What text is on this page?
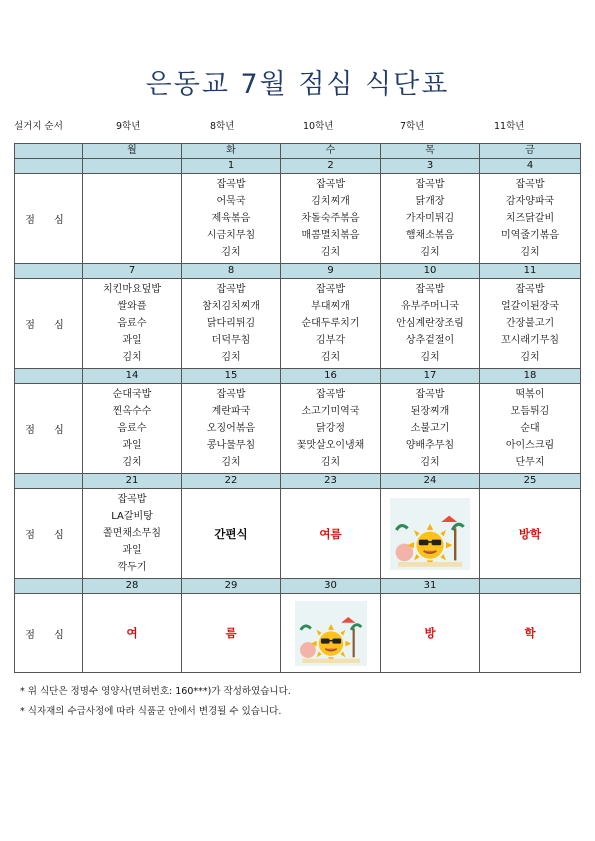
은동교 7월 점심 식단표
설거지 순서	9학년	8학년	10학년	7학년	11학년
	월	화	수	목	금
		1	2	3	4
점 심		잡곡밥
어묵국
제육볶음
시금치무침
김치	잡곡밥
김치찌개
차돌숙주볶음
매콤멸치볶음
김치	잡곡밥
닭개장
가자미튀김
햄채소볶음
김치	잡곡밥
감자양파국
치즈닭갈비
미역줄기볶음
김치

	7	8	9	10	11
점 심	치킨마요덮밥
쌀와플
음료수
과일
김치	잡곡밥
참치김치찌개
닭다리튀김
더덕무침
김치	잡곡밥
부대찌개
순대두루치기
김부각
김치	잡곡밥
유부주머니국
안심계란장조림
상추겉절이
김치	잡곡밥
얼갈이된장국
간장불고기
꼬시래기무침
김치

	14	15	16	17	18
점 심	순대국밥
찐옥수수
음료수
과일
김치	잡곡밥
계란파국
오징어볶음
콩나물무침
김치	잡곡밥
소고기미역국
닭강정
꽃맛살오이냉채
김치	잡곡밥
된장찌개
소불고기
양배추무침
김치	떡볶이
모듬튀김
순대
아이스크림
단무지

	21	22	23	24	25
점 심	잡곡밥
LA갈비탕
쫄면채소무침
과일
깍두기	간편식	여름		방학
	28	29	30	31	
점 심	여	름		방	학
* 위 식단은 정명수 영양사(면허번호: 160***)가 작성하였습니다.
* 식자재의 수급사정에 따라 식품군 안에서 변경될 수 있습니다.
